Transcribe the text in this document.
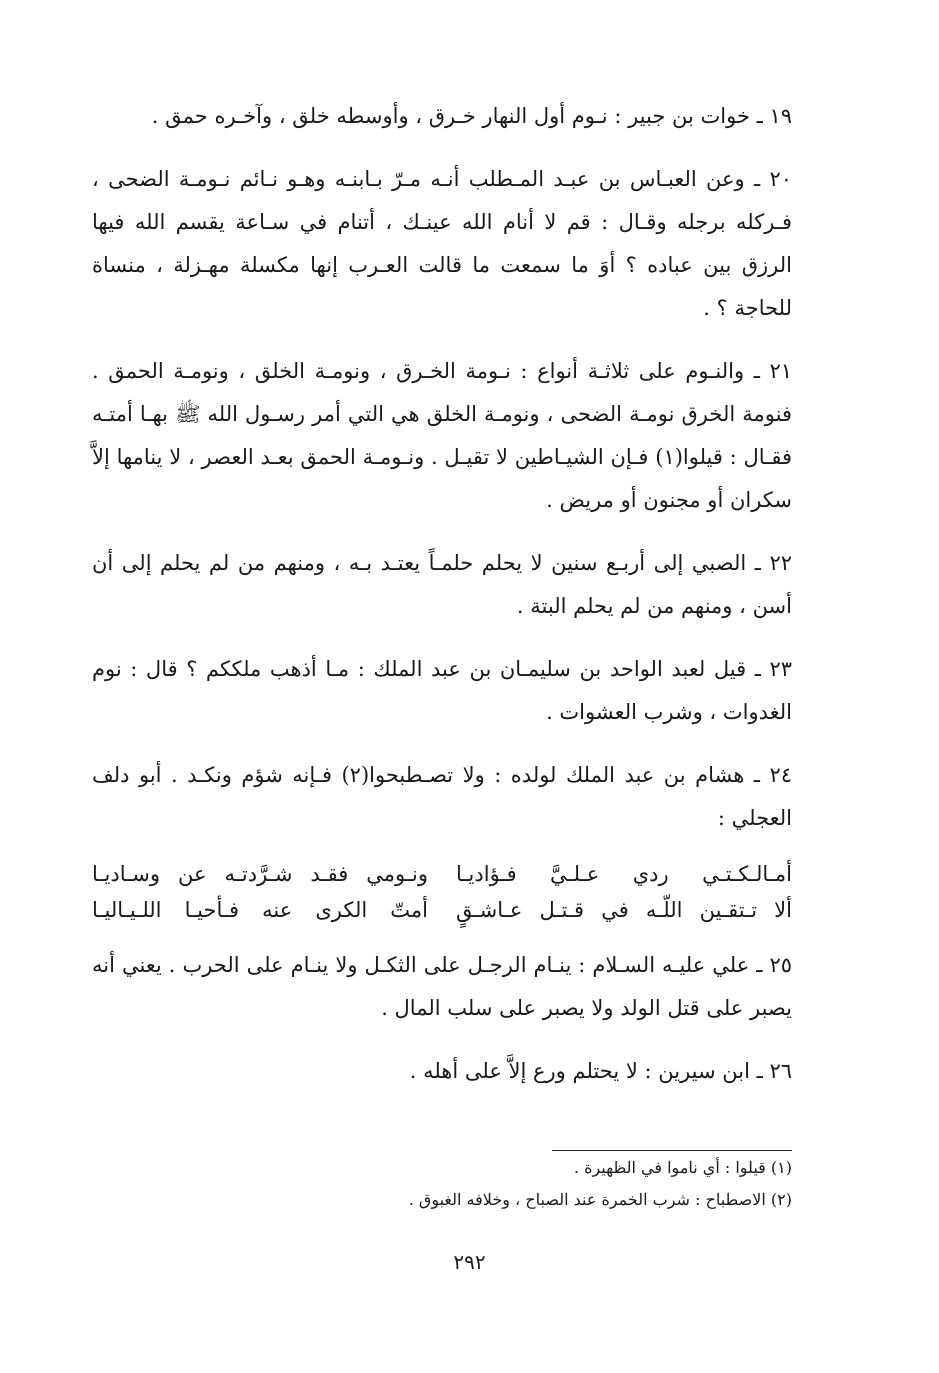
١٩ ـ خوات بن جبير : نـوم أول النهار خـرق ، وأوسطه خلق ، وآخـره حمق .

٢٠ ـ وعن العبـاس بن عبـد المـطلب أنـه مـرّ بـابنـه وهـو نـائم نـومـة الضحى ، فـركله برجله وقـال : قم لا أنام الله عينـك ، أتنام في سـاعة يقسم الله فيها الرزق بين عباده ؟ أوَ ما سمعت ما قالت العـرب إنها مكسلة مهـزلة ، منساة للحاجة ؟ .

٢١ ـ والنـوم على ثلاثـة أنواع : نـومة الخـرق ، ونومـة الخلق ، ونومـة الحمق . فنومة الخرق نومـة الضحى ، ونومـة الخلق هي التي أمر رسـول الله ﷺ بهـا أمتـه فقـال : قيلوا(١) فـإن الشيـاطين لا تقيـل . ونـومـة الحمق بعـد العصر ، لا ينامها إلاَّ سكران أو مجنون أو مريض .

٢٢ ـ الصبي إلى أربـع سنين لا يحلم حلمـاً يعتـد بـه ، ومنهم من لم يحلم إلى أن أسن ، ومنهم من لم يحلم البتة .

٢٣ ـ قيل لعبد الواحد بن سليمـان بن عبد الملك : مـا أذهب ملككم ؟ قال : نوم الغدوات ، وشرب العشوات .

٢٤ ـ هشام بن عبد الملك لولده : ولا تصـطبحوا(٢) فـإنه شؤم ونكـد . أبو دلف العجلي :

أمـالـكـتـي ردي عـلـيَّ فـؤاديـا
ونـومي فقـد شـرَّدتـه عن وسـاديـا
ألا تـتقـين اللّـه في قـتـل عـاشـقٍ
أمتّ الكرى عنه فـأحيـا اللـيـاليـا

٢٥ ـ علي عليـه السـلام : ينـام الرجـل على الثكـل ولا ينـام على الحرب . يعني أنه يصبر على قتل الولد ولا يصبر على سلب المال .

٢٦ ـ ابن سيرين : لا يحتلم ورع إلاَّ على أهله .

(١) قيلوا : أي ناموا في الظهيرة .
(٢) الاصطباح : شرب الخمرة عند الصباح ، وخلافه الغبوق .
٢٩٢
